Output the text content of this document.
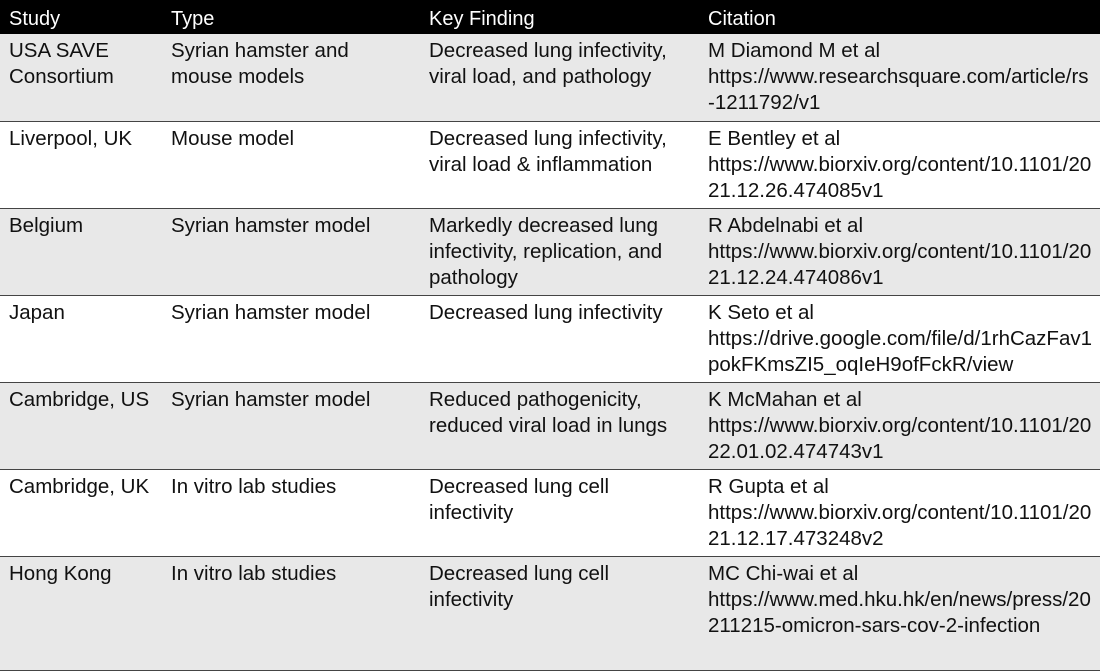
Study	Type	Key Finding	Citation
USA SAVE Consortium	Syrian hamster and mouse models	Decreased lung infectivity, viral load, and pathology	M Diamond M et al
https://www.researchsquare.com/article/rs-1211792/v1

Liverpool, UK	Mouse model	Decreased lung infectivity, viral load & inflammation	E Bentley et al
https://www.biorxiv.org/content/10.1101/2021.12.26.474085v1

Belgium	Syrian hamster model	Markedly decreased lung infectivity, replication, and pathology	R Abdelnabi et al
https://www.biorxiv.org/content/10.1101/2021.12.24.474086v1

Japan	Syrian hamster model	Decreased lung infectivity	K Seto et al
https://drive.google.com/file/d/1rhCazFav1pokFKmsZI5_oqIeH9ofFckR/view

Cambridge, US	Syrian hamster model	Reduced pathogenicity, reduced viral load in lungs	K McMahan et al
https://www.biorxiv.org/content/10.1101/2022.01.02.474743v1

Cambridge, UK	In vitro lab studies	Decreased lung cell infectivity	R Gupta et al
https://www.biorxiv.org/content/10.1101/2021.12.17.473248v2

Hong Kong	In vitro lab studies	Decreased lung cell infectivity	MC Chi-wai et al
https://www.med.hku.hk/en/news/press/20211215-omicron-sars-cov-2-infection
